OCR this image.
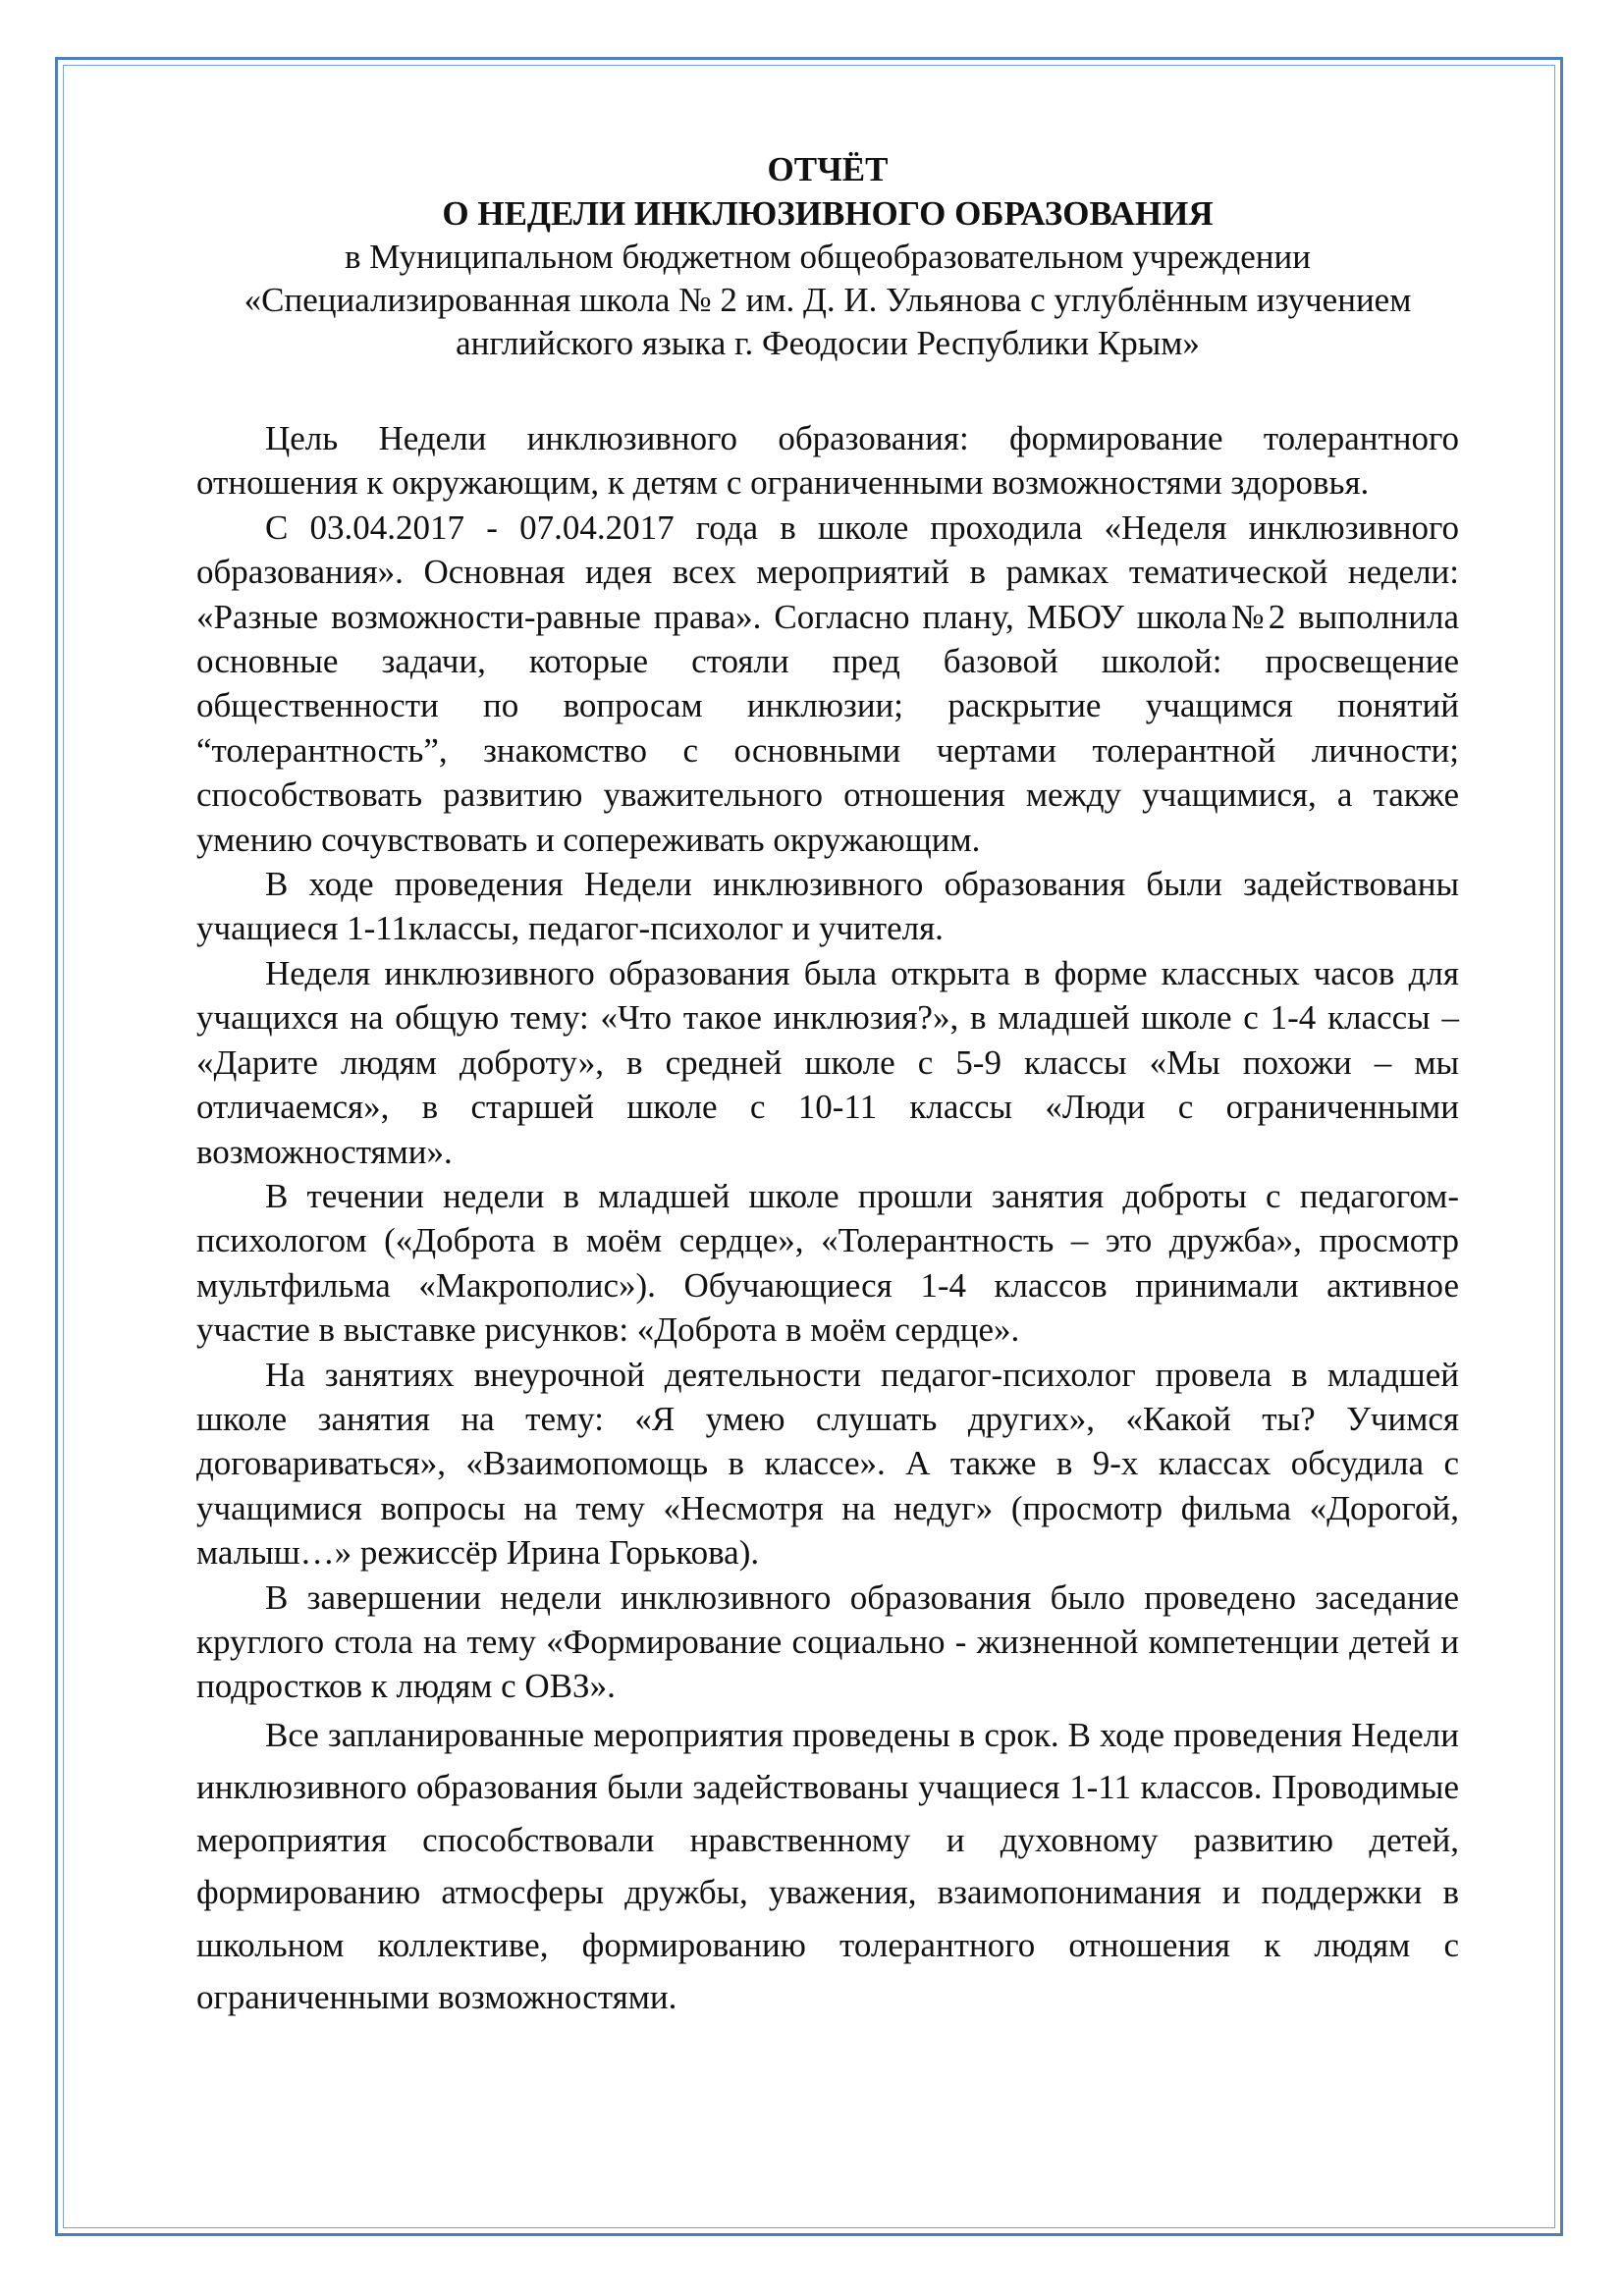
ОТЧЁТ

О НЕДЕЛИ ИНКЛЮЗИВНОГО ОБРАЗОВАНИЯ

в Муниципальном бюджетном общеобразовательном учреждении

«Специализированная школа № 2 им. Д. И. Ульянова с углублённым изучением

английского языка г. Феодосии Республики Крым»

Цель Недели инклюзивного образования: формирование толерантного отношения к окружающим, к детям с ограниченными возможностями здоровья.

С 03.04.2017 - 07.04.2017 года в школе проходила «Неделя инклюзивного образования». Основная идея всех мероприятий в рамках тематической недели: «Разные возможности-равные права». Согласно плану, МБОУ школа№2 выполнила основные задачи, которые стояли пред базовой школой: просвещение общественности по вопросам инклюзии; раскрытие учащимся понятий “толерантность”, знакомство с основными чертами толерантной личности; способствовать развитию уважительного отношения между учащимися, а также умению сочувствовать и сопереживать окружающим.

В ходе проведения Недели инклюзивного образования были задействованы учащиеся 1-11классы, педагог-психолог и учителя.

Неделя инклюзивного образования была открыта в форме классных часов для учащихся на общую тему: «Что такое инклюзия?», в младшей школе с 1-4 классы – «Дарите людям доброту», в средней школе с 5-9 классы «Мы похожи – мы отличаемся», в старшей школе с 10-11 классы «Люди с ограниченными возможностями».

В течении недели в младшей школе прошли занятия доброты с педагогом-психологом («Доброта в моём сердце», «Толерантность – это дружба», просмотр мультфильма «Макрополис»). Обучающиеся 1-4 классов принимали активное участие в выставке рисунков: «Доброта в моём сердце».

На занятиях внеурочной деятельности педагог-психолог провела в младшей школе занятия на тему: «Я умею слушать других», «Какой ты? Учимся договариваться», «Взаимопомощь в классе». А также в 9-х классах обсудила с учащимися вопросы на тему «Несмотря на недуг» (просмотр фильма «Дорогой, малыш…» режиссёр Ирина Горькова).

В завершении недели инклюзивного образования было проведено заседание круглого стола на тему «Формирование социально - жизненной компетенции детей и подростков к людям с ОВЗ».

Все запланированные мероприятия проведены в срок. В ходе проведения Недели инклюзивного образования были задействованы учащиеся 1-11 классов. Проводимые мероприятия способствовали нравственному и духовному развитию детей, формированию атмосферы дружбы, уважения, взаимопонимания и поддержки в школьном коллективе, формированию толерантного отношения к людям с ограниченными возможностями.
